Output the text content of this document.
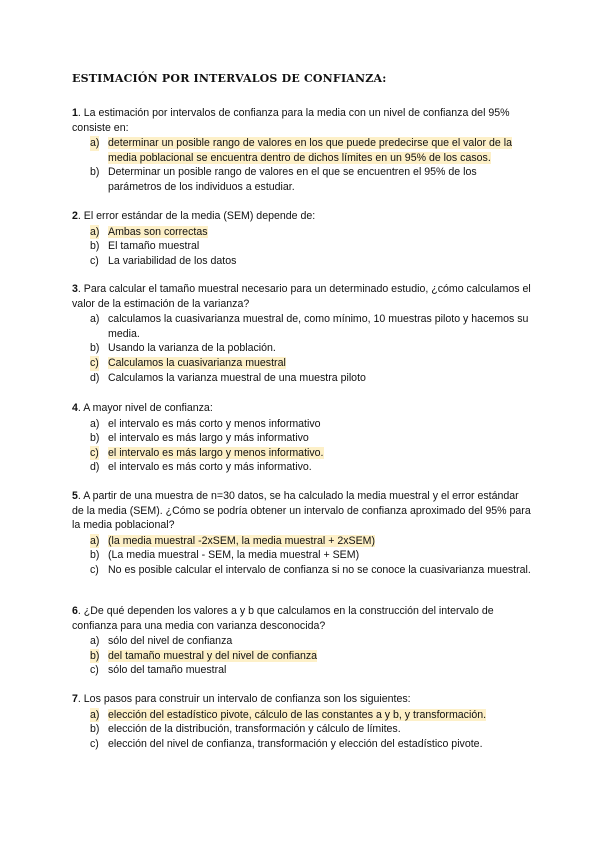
ESTIMACIÓN POR INTERVALOS DE CONFIANZA:

1. La estimación por intervalos de confianza para la media con un nivel de confianza del 95% consiste en:

a) determinar un posible rango de valores en los que puede predecirse que el valor de la media poblacional se encuentra dentro de dichos límites en un 95% de los casos.
b) Determinar un posible rango de valores en el que se encuentren el 95% de los parámetros de los individuos a estudiar.

2. El error estándar de la media (SEM) depende de:

a) Ambas son correctas
b) El tamaño muestral
c) La variabilidad de los datos

3. Para calcular el tamaño muestral necesario para un determinado estudio, ¿cómo calculamos el valor de la estimación de la varianza?

a) calculamos la cuasivarianza muestral de, como mínimo, 10 muestras piloto y hacemos su media.
b) Usando la varianza de la población.
c) Calculamos la cuasivarianza muestral
d) Calculamos la varianza muestral de una muestra piloto

4. A mayor nivel de confianza:

a) el intervalo es más corto y menos informativo
b) el intervalo es más largo y más informativo
c) el intervalo es más largo y menos informativo.
d) el intervalo es más corto y más informativo.

5. A partir de una muestra de n=30 datos, se ha calculado la media muestral y el error estándar de la media (SEM). ¿Cómo se podría obtener un intervalo de confianza aproximado del 95% para la media poblacional?

a) (la media muestral -2xSEM, la media muestral + 2xSEM)
b) (La media muestral - SEM, la media muestral + SEM)
c) No es posible calcular el intervalo de confianza si no se conoce la cuasivarianza muestral.

6. ¿De qué dependen los valores a y b que calculamos en la construcción del intervalo de confianza para una media con varianza desconocida?

a) sólo del nivel de confianza
b) del tamaño muestral y del nivel de confianza
c) sólo del tamaño muestral

7. Los pasos para construir un intervalo de confianza son los siguientes:

a) elección del estadístico pivote, cálculo de las constantes a y b, y transformación.
b) elección de la distribución, transformación y cálculo de límites.
c) elección del nivel de confianza, transformación y elección del estadístico pivote.
